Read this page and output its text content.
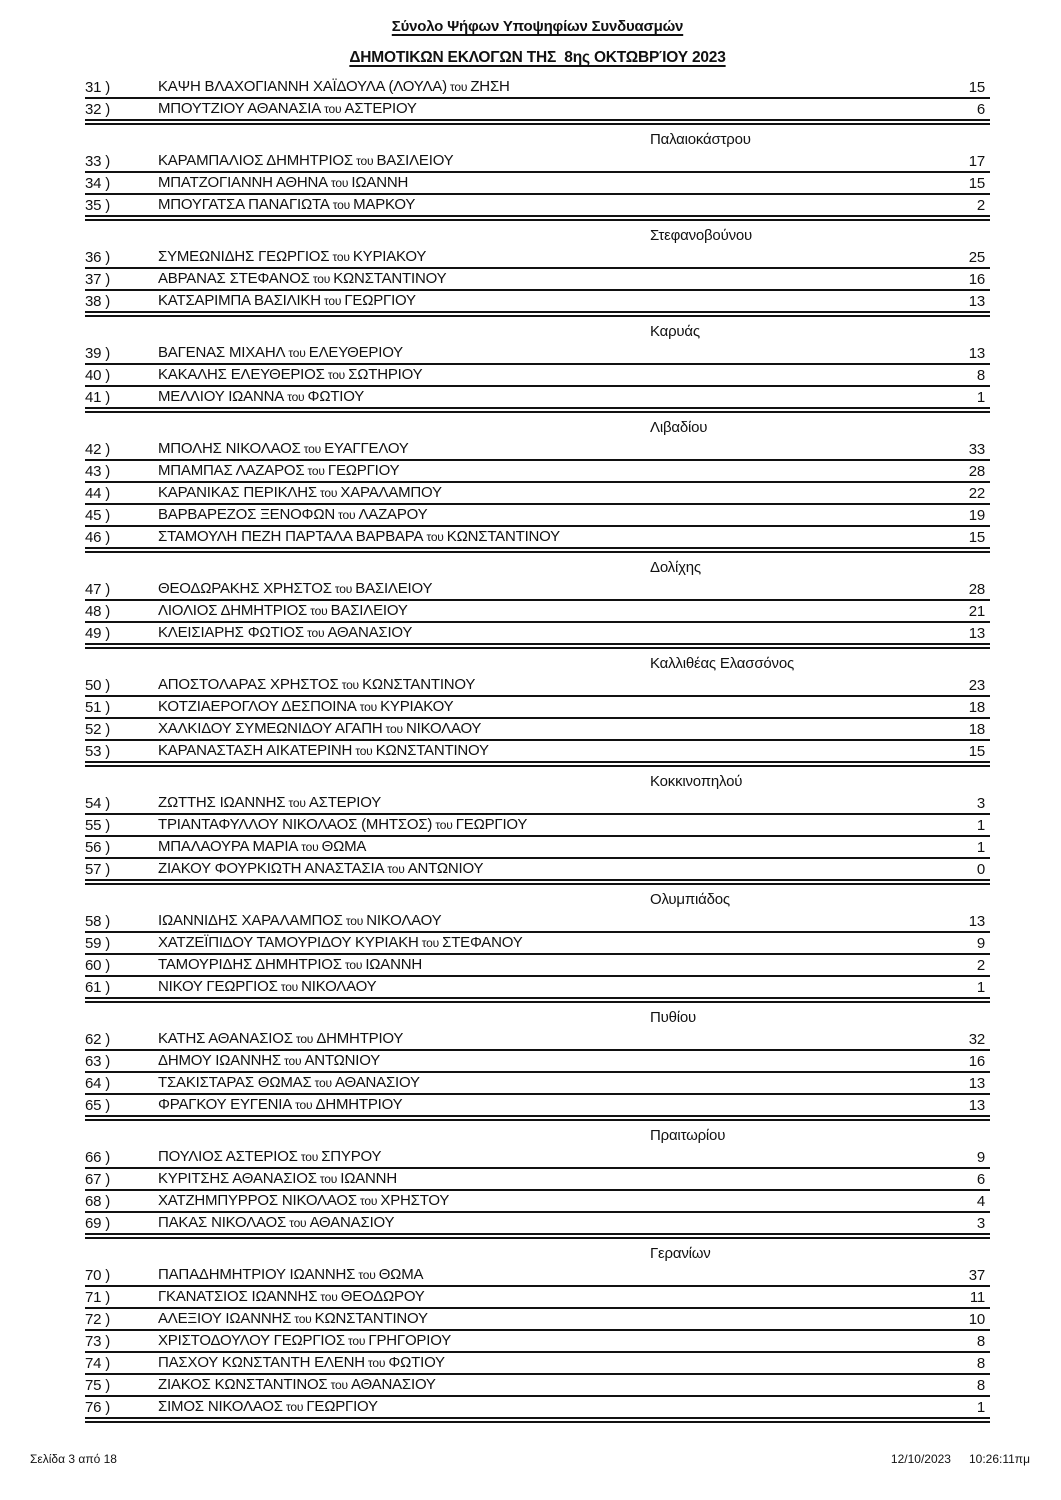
Σύνολο Ψήφων Υποψηφίων Συνδυασμών
ΔΗΜΟΤΙΚΩΝ ΕΚΛΟΓΩΝ ΤΗΣ  8ης ΟΚΤΩΒΡΊΟΥ 2023
31 )	ΚΑΨΗ ΒΛΑΧΟΓΙΑΝΝΗ ΧΑΪΔΟΥΛΑ (ΛΟΥΛΑ) του ΖΗΣΗ	15
32 )	ΜΠΟΥΤΖΙΟΥ ΑΘΑΝΑΣΙΑ του ΑΣΤΕΡΙΟΥ	6
Παλαιοκάστρου
33 )	ΚΑΡΑΜΠΑΛΙΟΣ ΔΗΜΗΤΡΙΟΣ του ΒΑΣΙΛΕΙΟΥ	17
34 )	ΜΠΑΤΖΟΓΙΑΝΝΗ ΑΘΗΝΑ του ΙΩΑΝΝΗ	15
35 )	ΜΠΟΥΓΑΤΣΑ ΠΑΝΑΓΙΩΤΑ του ΜΑΡΚΟΥ	2
Στεφανοβούνου
36 )	ΣΥΜΕΩΝΙΔΗΣ ΓΕΩΡΓΙΟΣ του ΚΥΡΙΑΚΟΥ	25
37 )	ΑΒΡΑΝΑΣ ΣΤΕΦΑΝΟΣ του ΚΩΝΣΤΑΝΤΙΝΟΥ	16
38 )	ΚΑΤΣΑΡΙΜΠΑ ΒΑΣΙΛΙΚΗ του ΓΕΩΡΓΙΟΥ	13
Καρυάς
39 )	ΒΑΓΕΝΑΣ ΜΙΧΑΗΛ του ΕΛΕΥΘΕΡΙΟΥ	13
40 )	ΚΑΚΑΛΗΣ ΕΛΕΥΘΕΡΙΟΣ του ΣΩΤΗΡΙΟΥ	8
41 )	ΜΕΛΛΙΟΥ ΙΩΑΝΝΑ του ΦΩΤΙΟΥ	1
Λιβαδίου
42 )	ΜΠΟΛΗΣ ΝΙΚΟΛΑΟΣ του ΕΥΑΓΓΕΛΟΥ	33
43 )	ΜΠΑΜΠΑΣ ΛΑΖΑΡΟΣ του ΓΕΩΡΓΙΟΥ	28
44 )	ΚΑΡΑΝΙΚΑΣ ΠΕΡΙΚΛΗΣ του ΧΑΡΑΛΑΜΠΟΥ	22
45 )	ΒΑΡΒΑΡΕΖΟΣ ΞΕΝΟΦΩΝ του ΛΑΖΑΡΟΥ	19
46 )	ΣΤΑΜΟΥΛΗ ΠΕΖΗ ΠΑΡΤΑΛΑ ΒΑΡΒΑΡΑ του ΚΩΝΣΤΑΝΤΙΝΟΥ	15
Δολίχης
47 )	ΘΕΟΔΩΡΑΚΗΣ ΧΡΗΣΤΟΣ του ΒΑΣΙΛΕΙΟΥ	28
48 )	ΛΙΟΛΙΟΣ ΔΗΜΗΤΡΙΟΣ του ΒΑΣΙΛΕΙΟΥ	21
49 )	ΚΛΕΙΣΙΑΡΗΣ ΦΩΤΙΟΣ του ΑΘΑΝΑΣΙΟΥ	13
Καλλιθέας Ελασσόνος
50 )	ΑΠΟΣΤΟΛΑΡΑΣ ΧΡΗΣΤΟΣ του ΚΩΝΣΤΑΝΤΙΝΟΥ	23
51 )	ΚΟΤΖΙΑΕΡΟΓΛΟΥ ΔΕΣΠΟΙΝΑ του ΚΥΡΙΑΚΟΥ	18
52 )	ΧΑΛΚΙΔΟΥ ΣΥΜΕΩΝΙΔΟΥ ΑΓΑΠΗ του ΝΙΚΟΛΑΟΥ	18
53 )	ΚΑΡΑΝΑΣΤΑΣΗ ΑΙΚΑΤΕΡΙΝΗ του ΚΩΝΣΤΑΝΤΙΝΟΥ	15
Κοκκινοπηλού
54 )	ΖΩΤΤΗΣ ΙΩΑΝΝΗΣ του ΑΣΤΕΡΙΟΥ	3
55 )	ΤΡΙΑΝΤΑΦΥΛΛΟΥ ΝΙΚΟΛΑΟΣ (ΜΗΤΣΟΣ) του ΓΕΩΡΓΙΟΥ	1
56 )	ΜΠΑΛΑΟΥΡΑ ΜΑΡΙΑ του ΘΩΜΑ	1
57 )	ΖΙΑΚΟΥ ΦΟΥΡΚΙΩΤΗ ΑΝΑΣΤΑΣΙΑ του ΑΝΤΩΝΙΟΥ	0
Ολυμπιάδος
58 )	ΙΩΑΝΝΙΔΗΣ ΧΑΡΑΛΑΜΠΟΣ του ΝΙΚΟΛΑΟΥ	13
59 )	ΧΑΤΖΕΪΠΙΔΟΥ ΤΑΜΟΥΡΙΔΟΥ ΚΥΡΙΑΚΗ του ΣΤΕΦΑΝΟΥ	9
60 )	ΤΑΜΟΥΡΙΔΗΣ ΔΗΜΗΤΡΙΟΣ του ΙΩΑΝΝΗ	2
61 )	ΝΙΚΟΥ ΓΕΩΡΓΙΟΣ του ΝΙΚΟΛΑΟΥ	1
Πυθίου
62 )	ΚΑΤΗΣ ΑΘΑΝΑΣΙΟΣ του ΔΗΜΗΤΡΙΟΥ	32
63 )	ΔΗΜΟΥ ΙΩΑΝΝΗΣ του ΑΝΤΩΝΙΟΥ	16
64 )	ΤΣΑΚΙΣΤΑΡΑΣ ΘΩΜΑΣ του ΑΘΑΝΑΣΙΟΥ	13
65 )	ΦΡΑΓΚΟΥ ΕΥΓΕΝΙΑ του ΔΗΜΗΤΡΙΟΥ	13
Πραιτωρίου
66 )	ΠΟΥΛΙΟΣ ΑΣΤΕΡΙΟΣ του ΣΠΥΡΟΥ	9
67 )	ΚΥΡΙΤΣΗΣ ΑΘΑΝΑΣΙΟΣ του ΙΩΑΝΝΗ	6
68 )	ΧΑΤΖΗΜΠΥΡΡΟΣ ΝΙΚΟΛΑΟΣ του ΧΡΗΣΤΟΥ	4
69 )	ΠΑΚΑΣ ΝΙΚΟΛΑΟΣ του ΑΘΑΝΑΣΙΟΥ	3
Γερανίων
70 )	ΠΑΠΑΔΗΜΗΤΡΙΟΥ ΙΩΑΝΝΗΣ του ΘΩΜΑ	37
71 )	ΓΚΑΝΑΤΣΙΟΣ ΙΩΑΝΝΗΣ του ΘΕΟΔΩΡΟΥ	11
72 )	ΑΛΕΞΙΟΥ ΙΩΑΝΝΗΣ του ΚΩΝΣΤΑΝΤΙΝΟΥ	10
73 )	ΧΡΙΣΤΟΔΟΥΛΟΥ ΓΕΩΡΓΙΟΣ του ΓΡΗΓΟΡΙΟΥ	8
74 )	ΠΑΣΧΟΥ ΚΩΝΣΤΑΝΤΗ ΕΛΕΝΗ του ΦΩΤΙΟΥ	8
75 )	ΖΙΑΚΟΣ ΚΩΝΣΤΑΝΤΙΝΟΣ του ΑΘΑΝΑΣΙΟΥ	8
76 )	ΣΙΜΟΣ ΝΙΚΟΛΑΟΣ του ΓΕΩΡΓΙΟΥ	1
Σελίδα 3 από 18	12/10/2023 10:26:11πμ
